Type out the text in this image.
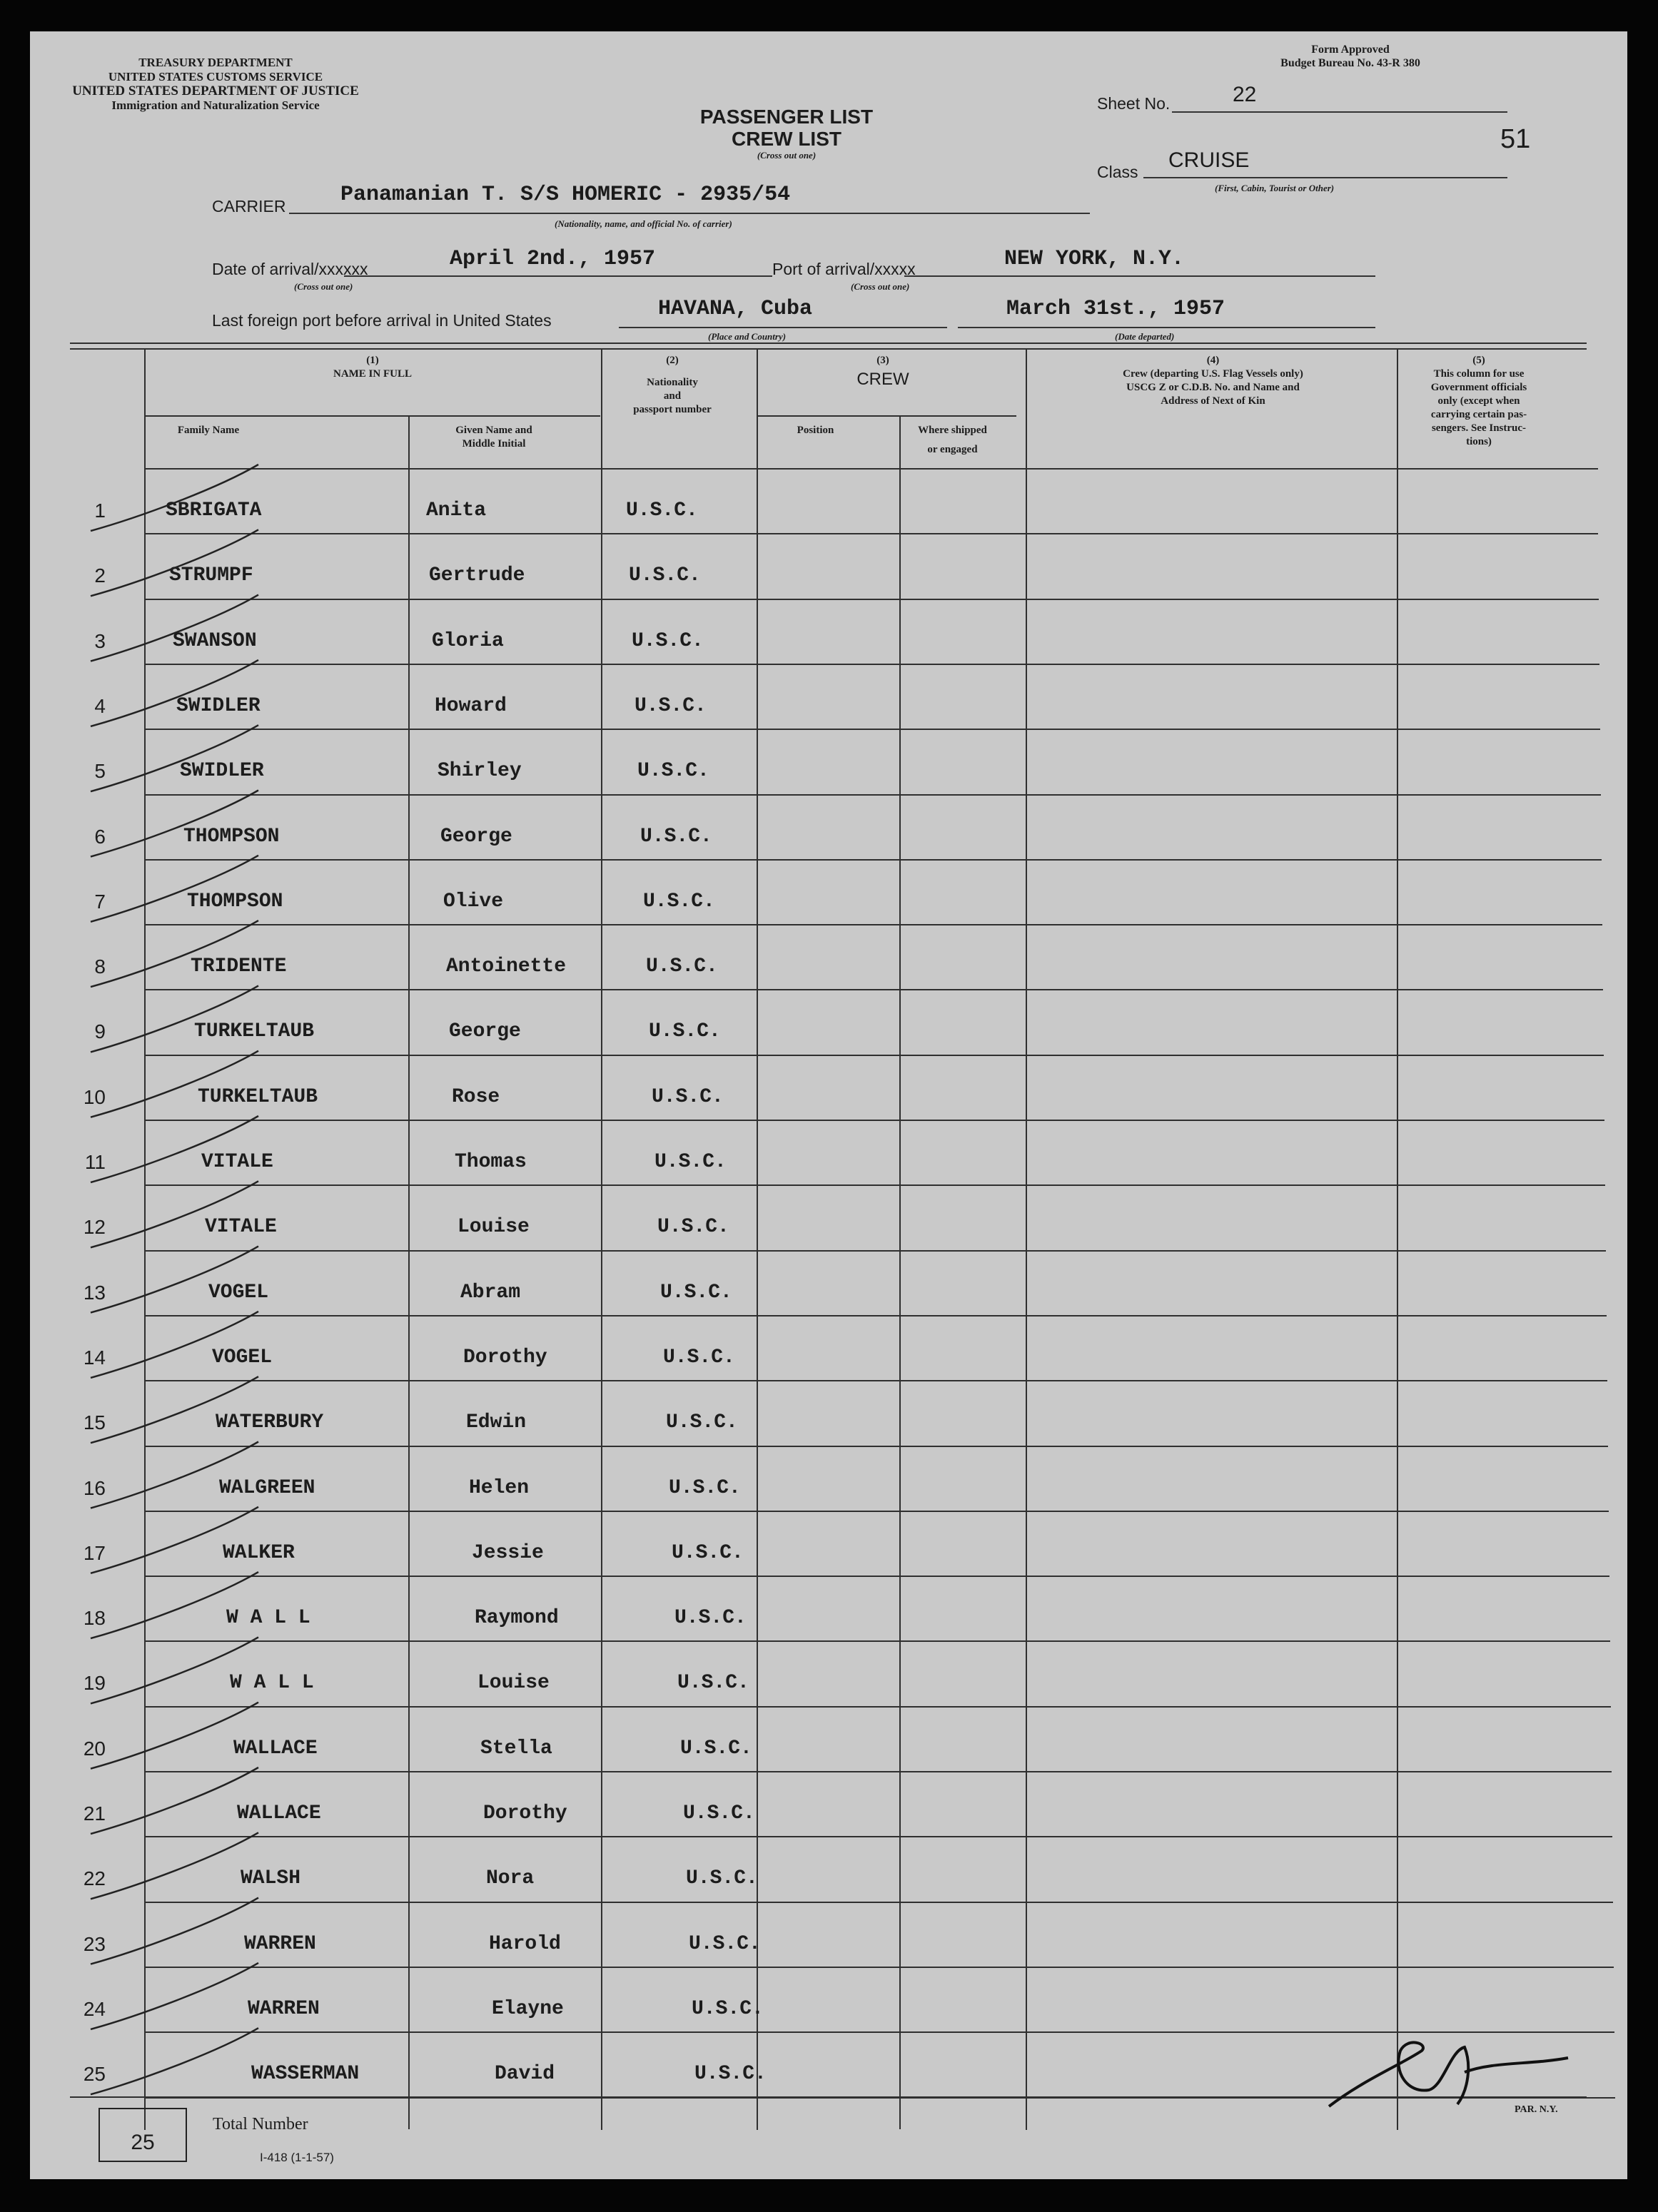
TREASURY DEPARTMENT
UNITED STATES CUSTOMS SERVICE
UNITED STATES DEPARTMENT OF JUSTICE
Immigration and Naturalization Service
Form Approved
Budget Bureau No. 43-R 380
PASSENGER LIST
CREW LIST
(Cross out one)
Sheet No.	22
51
Class CRUISE
(First, Cabin, Tourist or Other)
CARRIER	Panamanian T. S/S HOMERIC - 2935/54
(Nationality, name, and official No. of carrier)
Date of arrival/xxxxxx	April 2nd., 1957
(Cross out one)
Port of arrival/xxxxx	NEW YORK, N.Y.
(Cross out one)
Last foreign port before arrival in United States	HAVANA, Cuba
(Place and Country)
March 31st., 1957
(Date departed)
(1)
NAME IN FULL
Family Name	Given Name and
Middle Initial
(2)
Nationality
and
passport number
(3)
CREW
Position	Where shipped
or engaged
(4)
Crew (departing U.S. Flag Vessels only)
USCG Z or C.D.B. No. and Name and
Address of Next of Kin
(5)
This column for use
Government officials
only (except when
carrying certain pas-
sengers. See Instruc-
tions)
1	SBRIGATA	Anita	U.S.C.
2	STRUMPF	Gertrude	U.S.C.
3	SWANSON	Gloria	U.S.C.
4	SWIDLER	Howard	U.S.C.
5	SWIDLER	Shirley	U.S.C.
6	THOMPSON	George	U.S.C.
7	THOMPSON	Olive	U.S.C.
8	TRIDENTE	Antoinette	U.S.C.
9	TURKELTAUB	George	U.S.C.
10	TURKELTAUB	Rose	U.S.C.
11	VITALE	Thomas	U.S.C.
12	VITALE	Louise	U.S.C.
13	VOGEL	Abram	U.S.C.
14	VOGEL	Dorothy	U.S.C.
15	WATERBURY	Edwin	U.S.C.
16	WALGREEN	Helen	U.S.C.
17	WALKER	Jessie	U.S.C.
18	W A L L	Raymond	U.S.C.
19	W A L L	Louise	U.S.C.
20	WALLACE	Stella	U.S.C.
21	WALLACE	Dorothy	U.S.C.
22	WALSH	Nora	U.S.C.
23	WARREN	Harold	U.S.C.
24	WARREN	Elayne	U.S.C.
25	WASSERMAN	David	U.S.C.
25
Total Number
I-418 (1-1-57)
PAR. N.Y.
